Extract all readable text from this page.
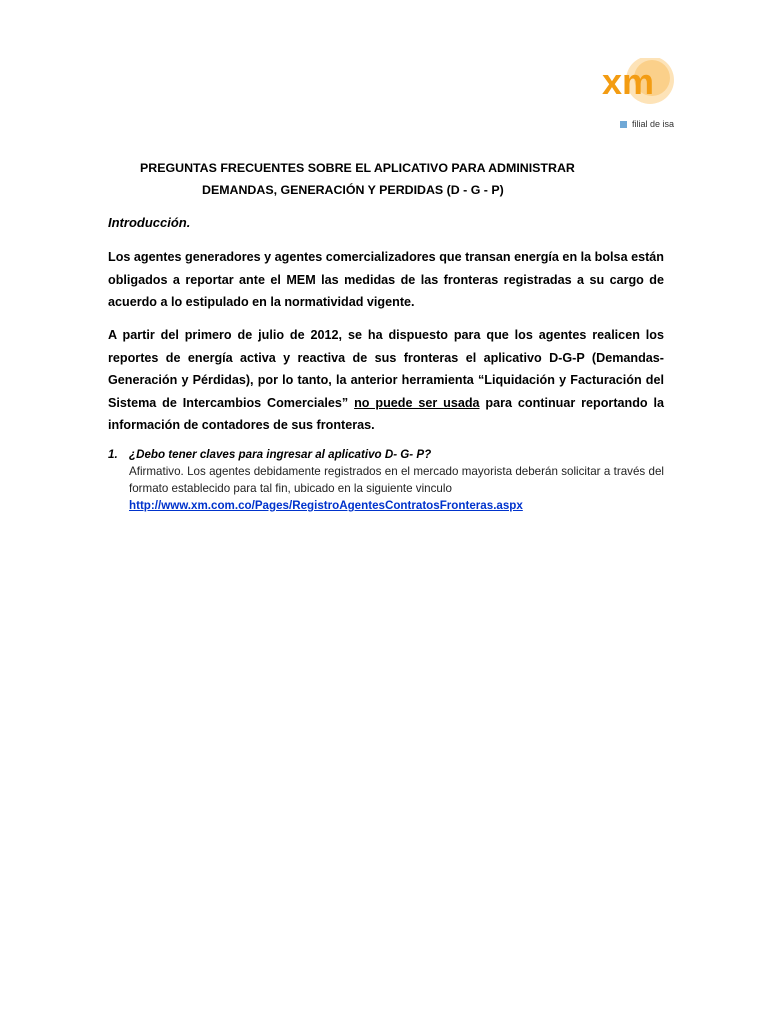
xm
filial de isa
PREGUNTAS FRECUENTES SOBRE EL APLICATIVO PARA ADMINISTRAR
DEMANDAS, GENERACIÓN Y PERDIDAS (D - G - P)
Introducción.
Los agentes generadores y agentes comercializadores que transan energía en la bolsa están obligados a reportar ante el MEM las medidas de las fronteras registradas a su cargo de acuerdo a lo estipulado en la normatividad vigente.
A partir del primero de julio de 2012, se ha dispuesto para que los agentes realicen los reportes de energía activa y reactiva de sus fronteras el aplicativo D-G-P (Demandas-Generación y Pérdidas), por lo tanto, la anterior herramienta “Liquidación y Facturación del Sistema de Intercambios Comerciales” no puede ser usada para continuar reportando la información de contadores de sus fronteras.
1. ¿Debo tener claves para ingresar al aplicativo D- G- P?
Afirmativo. Los agentes debidamente registrados en el mercado mayorista deberán solicitar a través del formato establecido para tal fin, ubicado en la siguiente vinculo
http://www.xm.com.co/Pages/RegistroAgentesContratosFronteras.aspx
